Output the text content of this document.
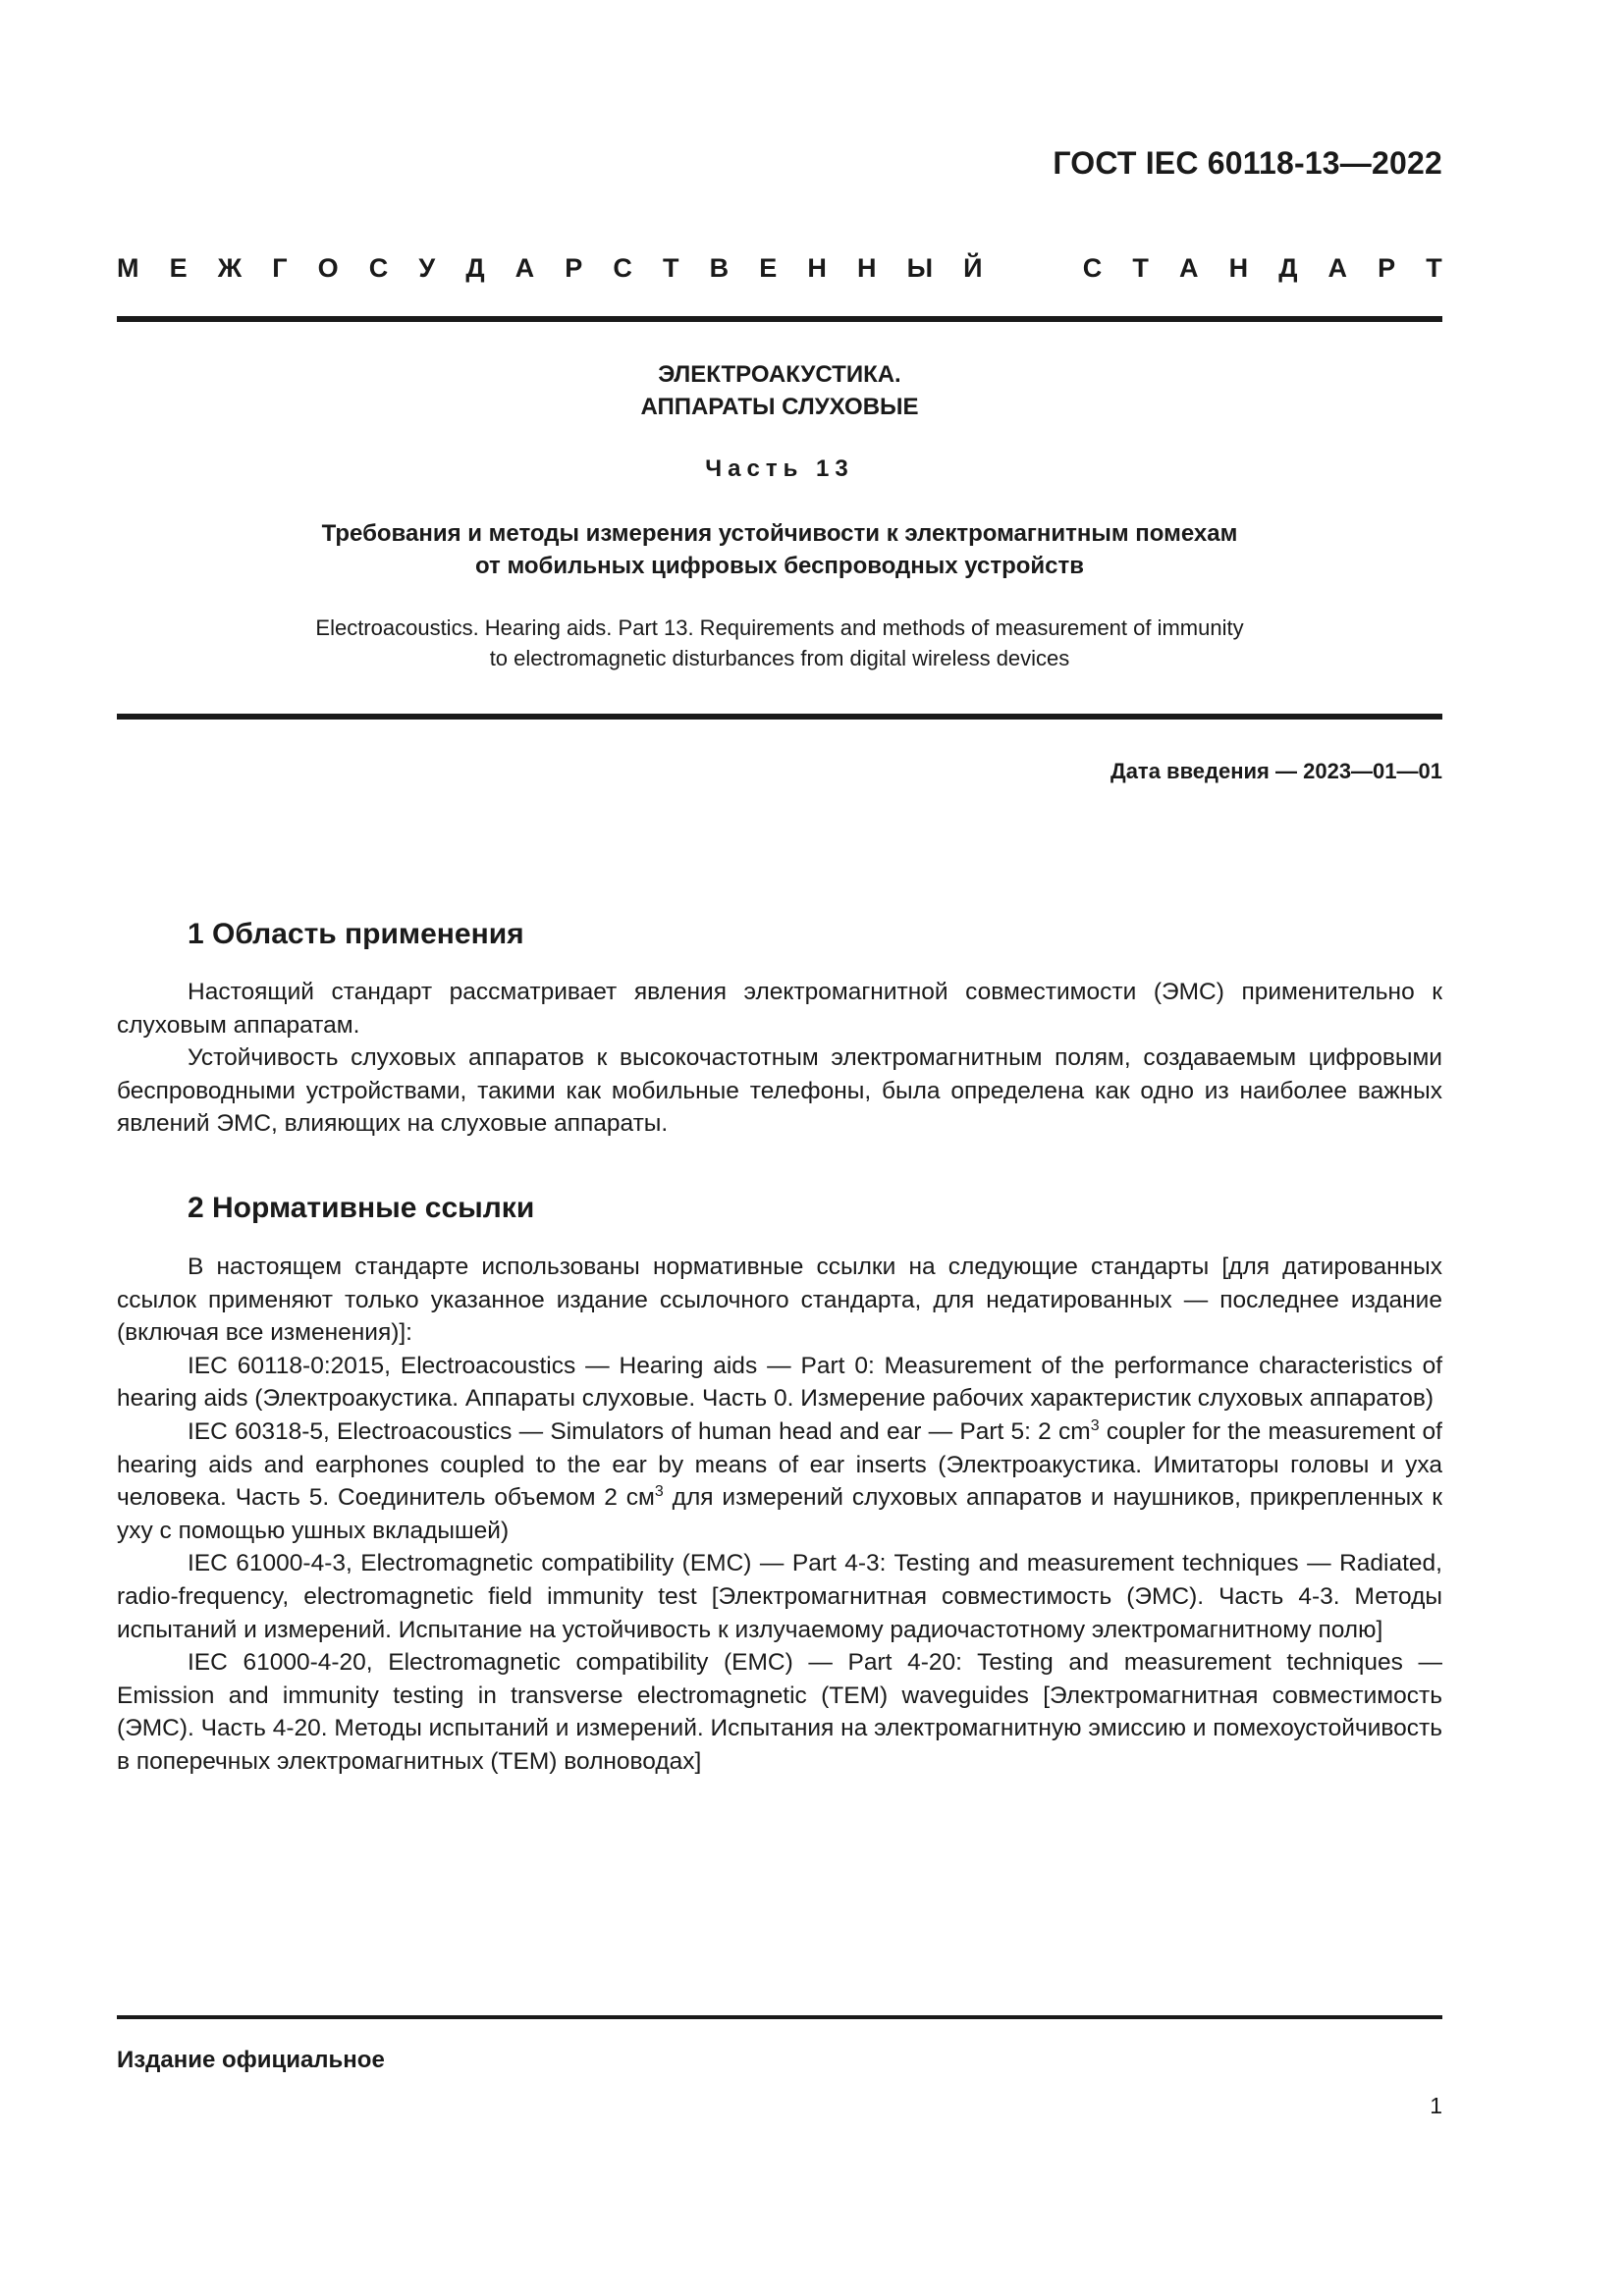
ГОСТ IEC 60118-13—2022
М Е Ж Г О С У Д А Р С Т В Е Н Н Ы Й	С Т А Н Д А Р Т
ЭЛЕКТРОАКУСТИКА.
АППАРАТЫ СЛУХОВЫЕ
Часть 13
Требования и методы измерения устойчивости к электромагнитным помехам
от мобильных цифровых беспроводных устройств
Electroacoustics. Hearing aids. Part 13. Requirements and methods of measurement of immunity
to electromagnetic disturbances from digital wireless devices
Дата введения — 2023—01—01
1 Область применения

Настоящий стандарт рассматривает явления электромагнитной совместимости (ЭМС) применительно к слуховым аппаратам.

Устойчивость слуховых аппаратов к высокочастотным электромагнитным полям, создаваемым цифровыми беспроводными устройствами, такими как мобильные телефоны, была определена как одно из наиболее важных явлений ЭМС, влияющих на слуховые аппараты.

2 Нормативные ссылки

В настоящем стандарте использованы нормативные ссылки на следующие стандарты [для датированных ссылок применяют только указанное издание ссылочного стандарта, для недатированных — последнее издание (включая все изменения)]:

IEC 60118-0:2015, Electroacoustics — Hearing aids — Part 0: Measurement of the performance characteristics of hearing aids (Электроакустика. Аппараты слуховые. Часть 0. Измерение рабочих характеристик слуховых аппаратов)

IEC 60318-5, Electroacoustics — Simulators of human head and ear — Part 5: 2 $cm^3$ coupler for the measurement of hearing aids and earphones coupled to the ear by means of ear inserts (Электроакустика. Имитаторы головы и уха человека. Часть 5. Соединитель объемом 2 $см^3$ для измерений слуховых аппаратов и наушников, прикрепленных к уху с помощью ушных вкладышей)

IEC 61000-4-3, Electromagnetic compatibility (EMC) — Part 4-3: Testing and measurement techniques — Radiated, radio-frequency, electromagnetic field immunity test [Электромагнитная совместимость (ЭМС). Часть 4-3. Методы испытаний и измерений. Испытание на устойчивость к излучаемому радиочастотному электромагнитному полю]

IEC 61000-4-20, Electromagnetic compatibility (EMC) — Part 4-20: Testing and measurement techniques — Emission and immunity testing in transverse electromagnetic (TEM) waveguides [Электромагнитная совместимость (ЭМС). Часть 4-20. Методы испытаний и измерений. Испытания на электромагнитную эмиссию и помехоустойчивость в поперечных электромагнитных (ТЕМ) волноводах]

Издание официальное
1
